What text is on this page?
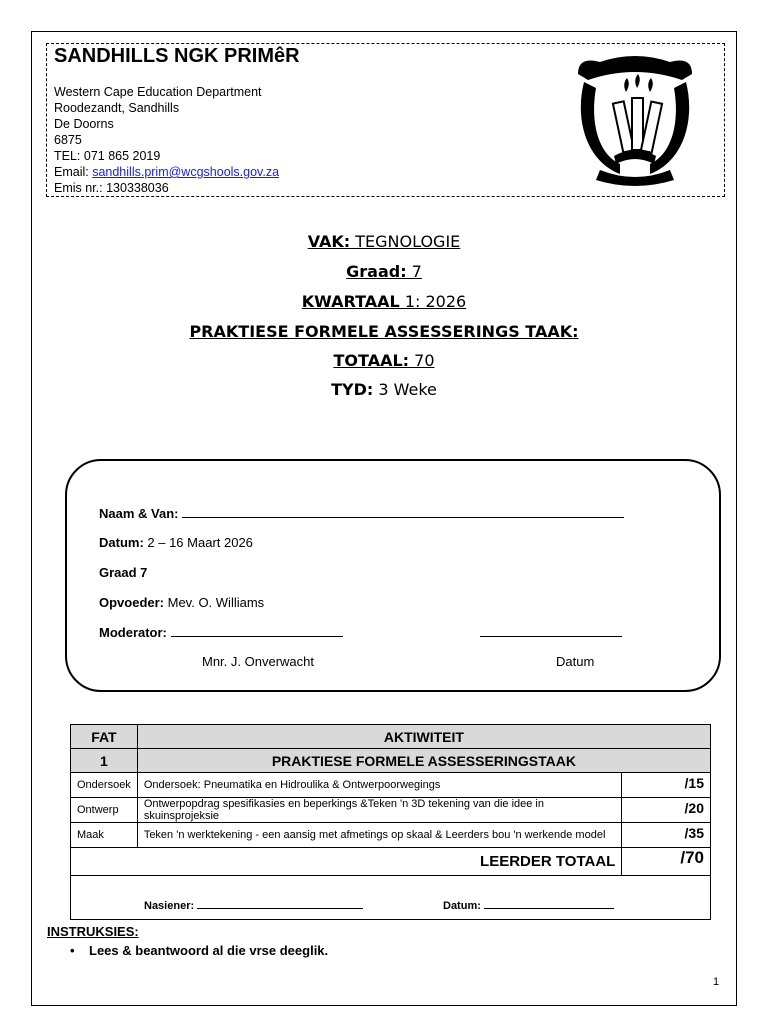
SANDHILLS NGK PRIMêR
Western Cape Education Department
Roodezandt, Sandhills
De Doorns
6875
TEL: 071 865 2019
Email: sandhills.prim@wcgshools.gov.za
Emis nr.: 130338036
VAK: TEGNOLOGIE
Graad: 7
KWARTAAL 1: 2026
PRAKTIESE FORMELE ASSESSERINGS TAAK:
TOTAAL: 70
TYD: 3 Weke
Naam & Van:
Datum: 2 – 16 Maart 2026
Graad 7
Opvoeder: Mev. O. Williams
Moderator:
Mnr. J. Onverwacht	Datum
FAT	AKTIWITEIT	
1	PRAKTIESE FORMELE ASSESSERINGSTAAK	
Ondersoek	Ondersoek: Pneumatika en Hidroulika & Ontwerpoorwegings	/15
Ontwerp	Ontwerpopdrag spesifikasies en beperkings &Teken 'n 3D tekening van die idee in skuinsprojeksie	/20
Maak	Teken 'n werktekening - een aansig met afmetings op skaal & Leerders bou 'n werkende model	/35
LEERDER TOTAAL		/70

Nasiener: Datum:		
INSTRUKSIES:
• Lees & beantwoord al die vrse deeglik.
1
